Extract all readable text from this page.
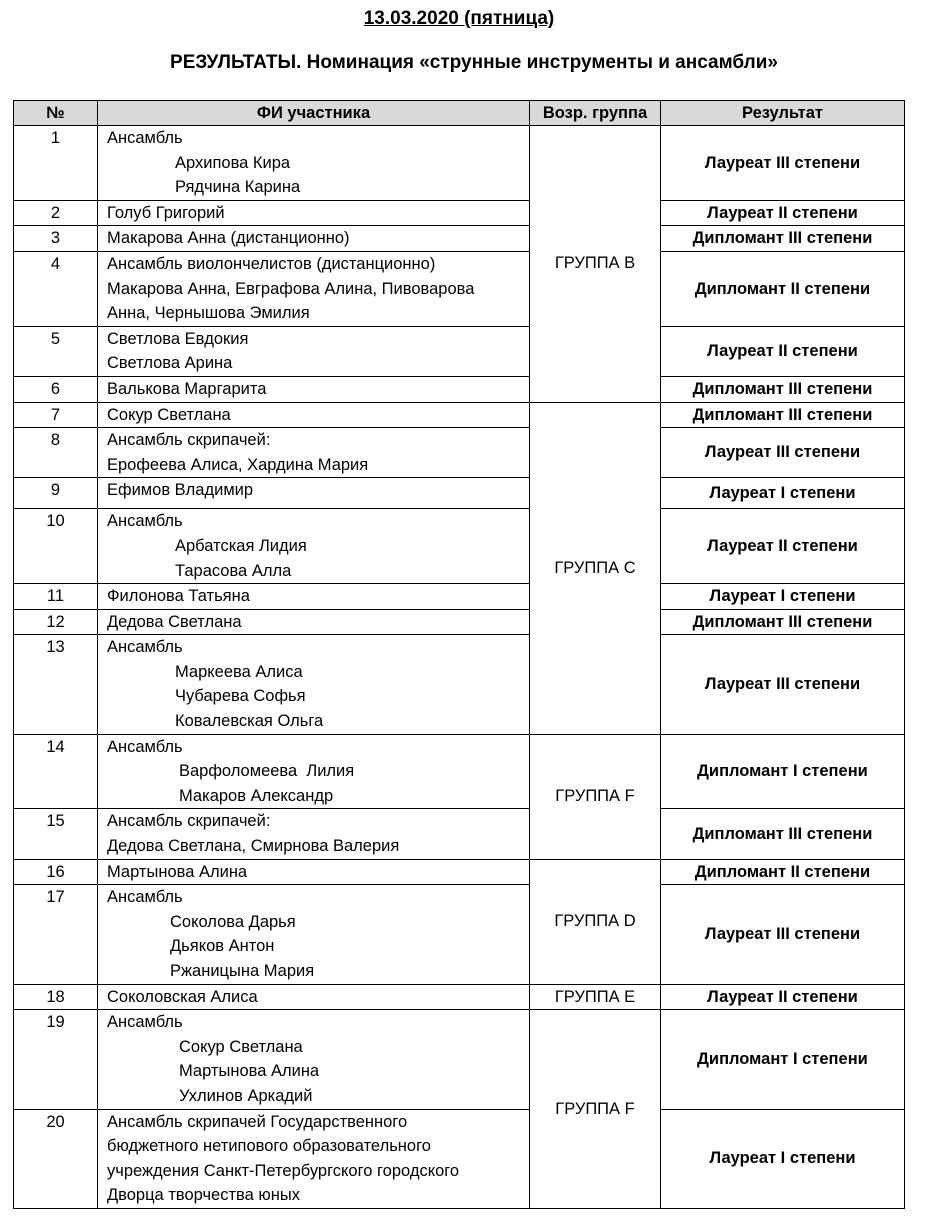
13.03.2020 (пятница)
РЕЗУЛЬТАТЫ. Номинация «струнные инструменты и ансамбли»
№	ФИ участника	Возр. группа	Результат
1	Ансамбль
Архипова Кира
Рядчина Карина	ГРУППА В	Лауреат III степени
2	Голуб Григорий		Лауреат II степени
3	Макарова Анна (дистанционно)		Дипломант III степени
4	Ансамбль виолончелистов (дистанционно)
Макарова Анна, Евграфова Алина, Пивоварова
Анна, Чернышова Эмилия		Дипломант II степени
5	Светлова Евдокия
Светлова Арина		Лауреат II степени
6	Валькова Маргарита		Дипломант III степени
7	Сокур Светлана	ГРУППА С	Дипломант III степени
8	Ансамбль скрипачей:
Ерофеева Алиса, Хардина Мария		Лауреат III степени
9	Ефимов Владимир		Лауреат I степени
10	Ансамбль
Арбатская Лидия
Тарасова Алла		Лауреат II степени
11	Филонова Татьяна		Лауреат I степени
12	Дедова Светлана		Дипломант III степени
13	Ансамбль
Маркеева Алиса
Чубарева Софья
Ковалевская Ольга		Лауреат III степени
14	Ансамбль
Варфоломеева  Лилия
Макаров Александр	ГРУППА F	Дипломант I степени
15	Ансамбль скрипачей:
Дедова Светлана, Смирнова Валерия		Дипломант III степени
16	Мартынова Алина	ГРУППА D	Дипломант II степени
17	Ансамбль
Соколова Дарья
Дьяков Антон
Ржаницына Мария		Лауреат III степени
18	Соколовская Алиса	ГРУППА E	Лауреат II степени
19	Ансамбль
Сокур Светлана
Мартынова Алина
Ухлинов Аркадий	ГРУППА F	Дипломант I степени
20	Ансамбль скрипачей Государственного
бюджетного нетипового образовательного
учреждения Санкт-Петербургского городского
Дворца творчества юных		Лауреат I степени
